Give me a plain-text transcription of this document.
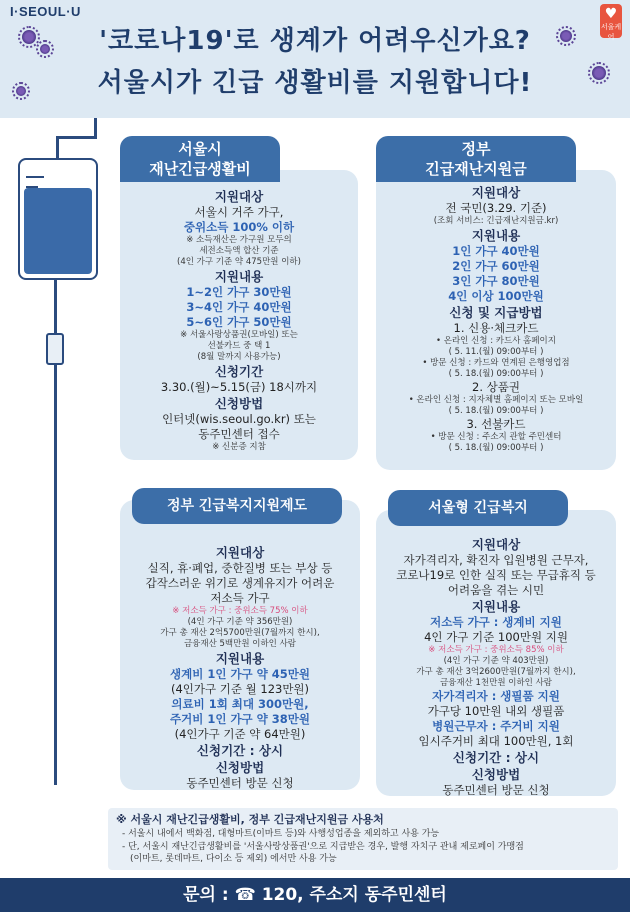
I·SEOUL·U	♥
서울케어
'코로나19'로 생계가 어려우신가요?
서울시가 긴급 생활비를 지원합니다!
서울시
재난긴급생활비
지원대상
서울시 거주 가구,
중위소득 100% 이하
※ 소득재산은 가구원 모두의
세전소득액 합산 기준
(4인 가구 기준 약 475만원 이하)
지원내용
1~2인 가구 30만원
3~4인 가구 40만원
5~6인 가구 50만원
※ 서울사랑상품권(모바일) 또는
선불카드 중 택 1
(8월 말까지 사용가능)
신청기간
3.30.(월)~5.15(금) 18시까지
신청방법
인터넷(wis.seoul.go.kr) 또는
동주민센터 접수
※ 신분증 지참
정부
긴급재난지원금
지원대상
전 국민(3.29. 기준)
(조회 서비스: 긴급재난지원금.kr)
지원내용
1인 가구 40만원
2인 가구 60만원
3인 가구 80만원
4인 이상 100만원
신청 및 지급방법
1. 신용·체크카드
• 온라인 신청 : 카드사 홈페이지
( 5. 11.(월) 09:00부터 )
• 방문 신청 : 카드와 연계된 은행영업점
( 5. 18.(월) 09:00부터 )
2. 상품권
• 온라인 신청 : 지자체별 홈페이지 또는 모바일
( 5. 18.(월) 09:00부터 )
3. 선불카드
• 방문 신청 : 주소지 관할 주민센터
( 5. 18.(월) 09:00부터 )
정부 긴급복지지원제도
지원대상
실직, 휴·폐업, 중한질병 또는 부상 등
갑작스러운 위기로 생계유지가 어려운
저소득 가구
※ 저소득 가구 : 중위소득 75% 이하
(4인 가구 기준 약 356만원)
가구 총 재산 2억5700만원(7월까지 한시),
금융재산 5백만원 이하인 사람
지원내용
생계비 1인 가구 약 45만원
(4인가구 기준 월 123만원)
의료비 1회 최대 300만원,
주거비 1인 가구 약 38만원
(4인가구 기준 약 64만원)
신청기간 : 상시
신청방법
동주민센터 방문 신청
서울형 긴급복지
지원대상
자가격리자, 확진자 입원병원 근무자,
코로나19로 인한 실직 또는 무급휴직 등
어려움을 겪는 시민
지원내용
저소득 가구 : 생계비 지원
4인 가구 기준 100만원 지원
※ 저소득 가구 : 중위소득 85% 이하
(4인 가구 기준 약 403만원)
가구 총 재산 3억2600만원(7월까지 한시),
금융재산 1천만원 이하인 사람
자가격리자 : 생필품 지원
가구당 10만원 내외 생필품
병원근무자 : 주거비 지원
임시주거비 최대 100만원, 1회
신청기간 : 상시
신청방법
동주민센터 방문 신청
※ 서울시 재난긴급생활비, 정부 긴급재난지원금 사용처
- 서울시 내에서 백화점, 대형마트(이마트 등)와 사행성업종을 제외하고 사용 가능
- 단, 서울시 재난긴급생활비를 '서울사랑상품권'으로 지급받은 경우, 발행 자치구 관내 제로페이 가맹점
(이마트, 롯데마트, 다이소 등 제외) 에서만 사용 가능
문의 : ☎ 120, 주소지 동주민센터
